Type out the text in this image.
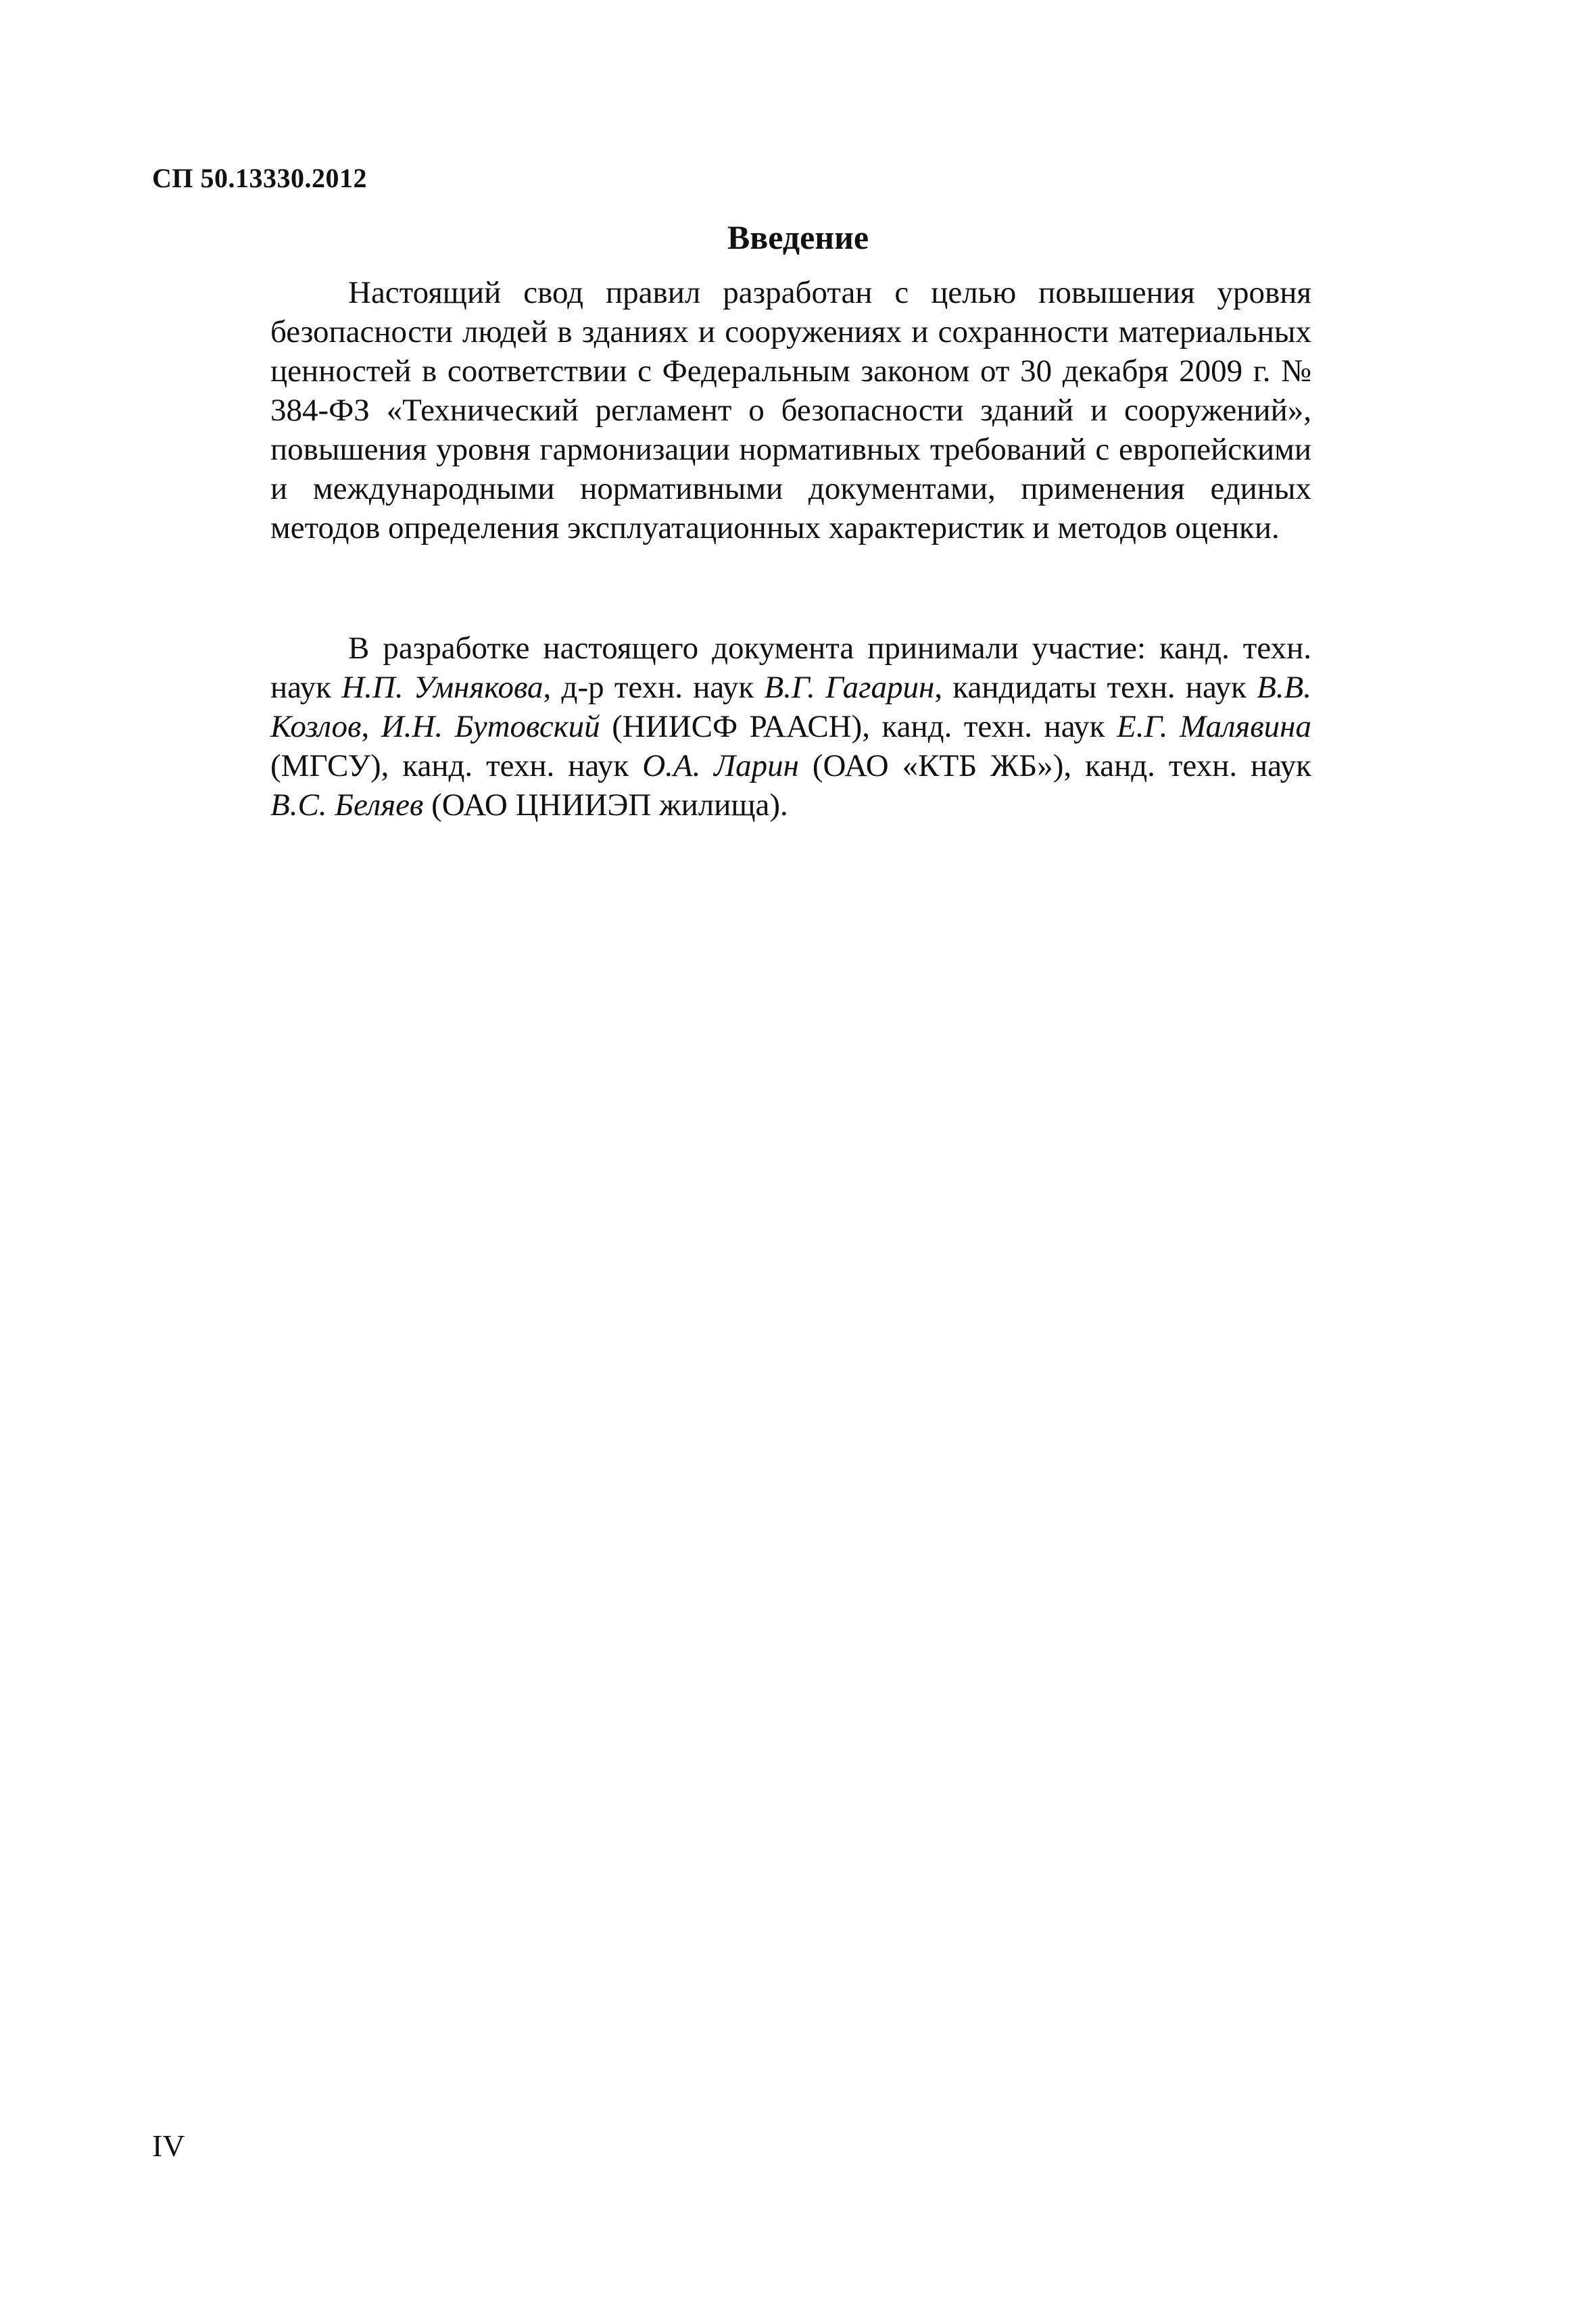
СП 50.13330.2012
Введение

Настоящий свод правил разработан с целью повышения уровня безопасности людей в зданиях и сооружениях и сохранности материальных ценностей в соответствии с Федеральным законом от 30 декабря 2009 г. № 384-ФЗ «Технический регламент о безопасности зданий и сооружений», повышения уровня гармонизации нормативных требований с европейскими и международными нормативными документами, применения единых методов определения эксплуатационных характеристик и методов оценки.

В разработке настоящего документа принимали участие: канд. техн. наук Н.П. Умнякова, д-р техн. наук В.Г. Гагарин, кандидаты техн. наук В.В. Козлов, И.Н. Бутовский (НИИСФ РААСН), канд. техн. наук Е.Г. Малявина (МГСУ), канд. техн. наук О.А. Ларин (ОАО «КТБ ЖБ»), канд. техн. наук В.С. Беляев (ОАО ЦНИИЭП жилища).

IV
